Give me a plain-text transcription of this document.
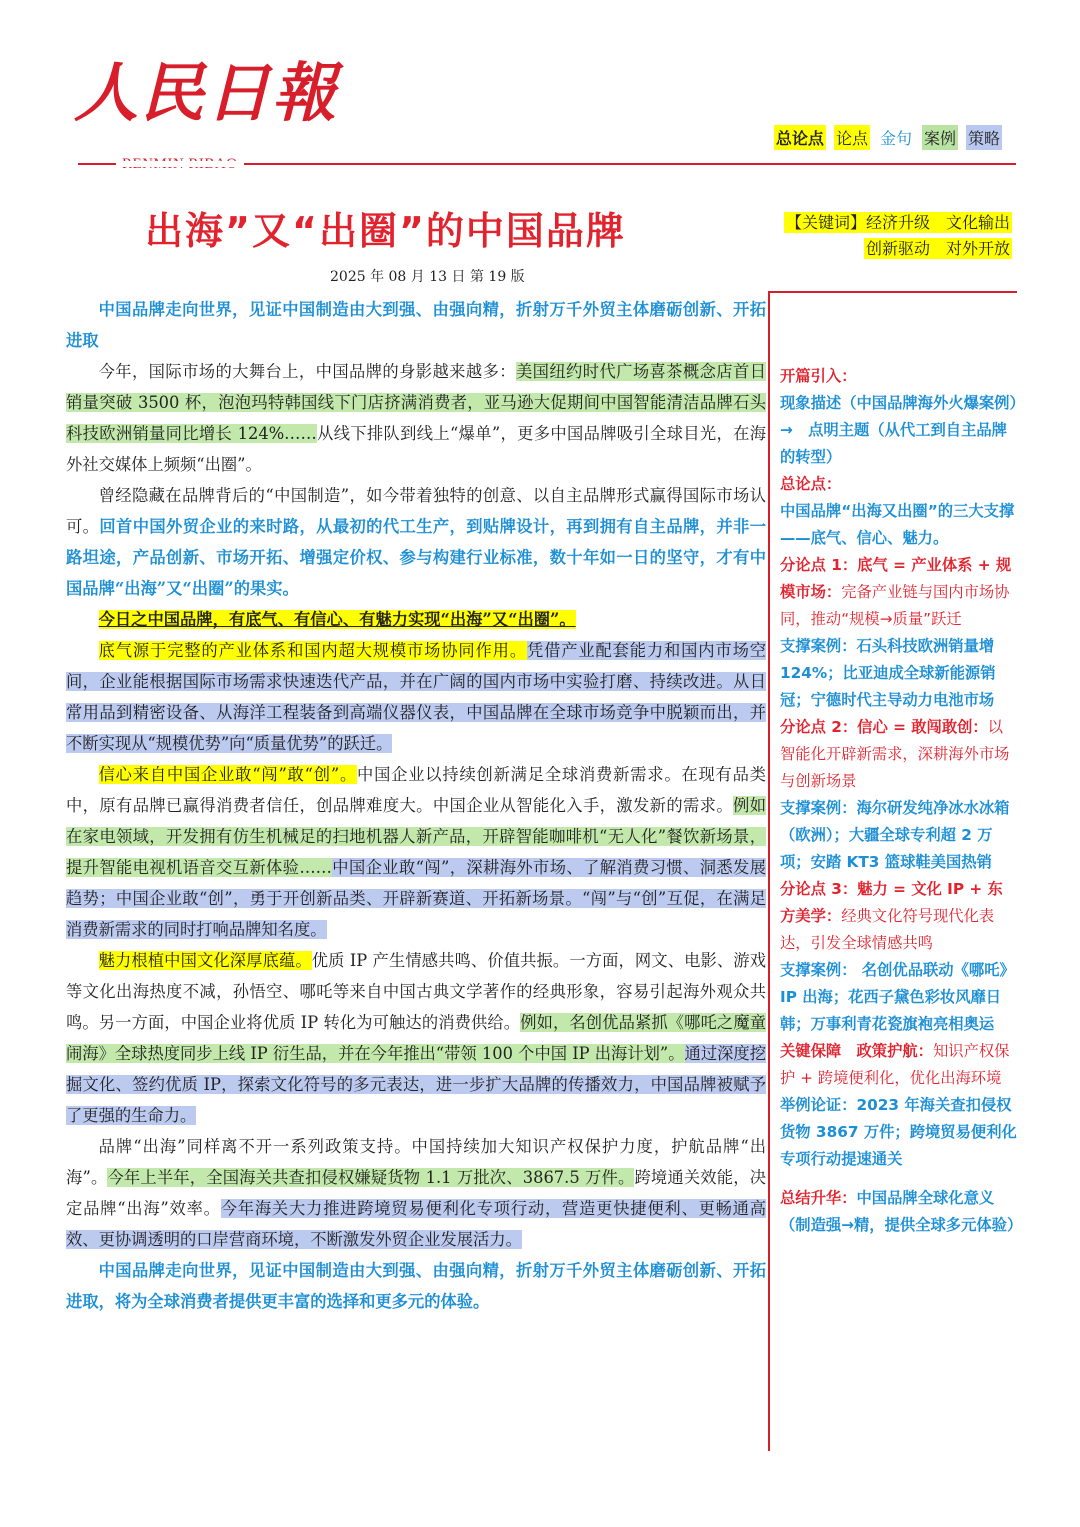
人民日報
总论点 论点 金句 案例 策略
出海”又“出圈”的中国品牌	【关键词】经济升级　文化输出
创新驱动　对外开放
2025 年 08 月 13 日 第 19 版

中国品牌走向世界，见证中国制造由大到强、由强向精，折射万千外贸主体磨砺创新、开拓进取

今年，国际市场的大舞台上，中国品牌的身影越来越多：美国纽约时代广场喜茶概念店首日销量突破 3500 杯，泡泡玛特韩国线下门店挤满消费者，亚马逊大促期间中国智能清洁品牌石头科技欧洲销量同比增长 124%……从线下排队到线上“爆单”，更多中国品牌吸引全球目光，在海外社交媒体上频频“出圈”。

曾经隐藏在品牌背后的“中国制造”，如今带着独特的创意、以自主品牌形式赢得国际市场认可。回首中国外贸企业的来时路，从最初的代工生产，到贴牌设计，再到拥有自主品牌，并非一路坦途，产品创新、市场开拓、增强定价权、参与构建行业标准，数十年如一日的坚守，才有中国品牌“出海”又“出圈”的果实。

今日之中国品牌，有底气、有信心、有魅力实现“出海”又“出圈”。

底气源于完整的产业体系和国内超大规模市场协同作用。凭借产业配套能力和国内市场空间，企业能根据国际市场需求快速迭代产品，并在广阔的国内市场中实验打磨、持续改进。从日常用品到精密设备、从海洋工程装备到高端仪器仪表，中国品牌在全球市场竞争中脱颖而出，并不断实现从“规模优势”向“质量优势”的跃迁。

信心来自中国企业敢“闯”敢“创”。中国企业以持续创新满足全球消费新需求。在现有品类中，原有品牌已赢得消费者信任，创品牌难度大。中国企业从智能化入手，激发新的需求。例如在家电领域，开发拥有仿生机械足的扫地机器人新产品，开辟智能咖啡机“无人化”餐饮新场景，提升智能电视机语音交互新体验……中国企业敢“闯”，深耕海外市场、了解消费习惯、洞悉发展趋势；中国企业敢“创”，勇于开创新品类、开辟新赛道、开拓新场景。“闯”与“创”互促，在满足消费新需求的同时打响品牌知名度。

魅力根植中国文化深厚底蕴。优质 IP 产生情感共鸣、价值共振。一方面，网文、电影、游戏等文化出海热度不减，孙悟空、哪吒等来自中国古典文学著作的经典形象，容易引起海外观众共鸣。另一方面，中国企业将优质 IP 转化为可触达的消费供给。例如，名创优品紧抓《哪吒之魔童闹海》全球热度同步上线 IP 衍生品，并在今年推出“带领 100 个中国 IP 出海计划”。通过深度挖掘文化、签约优质 IP，探索文化符号的多元表达，进一步扩大品牌的传播效力，中国品牌被赋予了更强的生命力。

品牌“出海”同样离不开一系列政策支持。中国持续加大知识产权保护力度，护航品牌“出海”。今年上半年，全国海关共查扣侵权嫌疑货物 1.1 万批次、3867.5 万件。跨境通关效能，决定品牌“出海”效率。今年海关大力推进跨境贸易便利化专项行动，营造更快捷便利、更畅通高效、更协调透明的口岸营商环境，不断激发外贸企业发展活力。

中国品牌走向世界，见证中国制造由大到强、由强向精，折射万千外贸主体磨砺创新、开拓进取，将为全球消费者提供更丰富的选择和更多元的体验。

开篇引入：
现象描述（中国品牌海外火爆案例）
→　点明主题（从代工到自主品牌的转型）
总论点：
中国品牌“出海又出圈”的三大支撑——底气、信心、魅力。
分论点 1：底气 = 产业体系 + 规模市场：完备产业链与国内市场协同，推动“规模→质量”跃迁
支撑案例：石头科技欧洲销量增 124%；比亚迪成全球新能源销冠；宁德时代主导动力电池市场
分论点 2：信心 = 敢闯敢创：以智能化开辟新需求，深耕海外市场与创新场景
支撑案例：海尔研发纯净冰水冰箱（欧洲）；大疆全球专利超 2 万项；安踏 KT3 篮球鞋美国热销
分论点 3：魅力 = 文化 IP + 东方美学：经典文化符号现代化表达，引发全球情感共鸣
支撑案例： 名创优品联动《哪吒》IP 出海；花西子黛色彩妆风靡日韩；万事利青花瓷旗袍亮相奥运
关键保障　政策护航：知识产权保护 + 跨境便利化，优化出海环境
举例论证：2023 年海关查扣侵权货物 3867 万件；跨境贸易便利化专项行动提速通关
总结升华：中国品牌全球化意义（制造强→精，提供全球多元体验）
